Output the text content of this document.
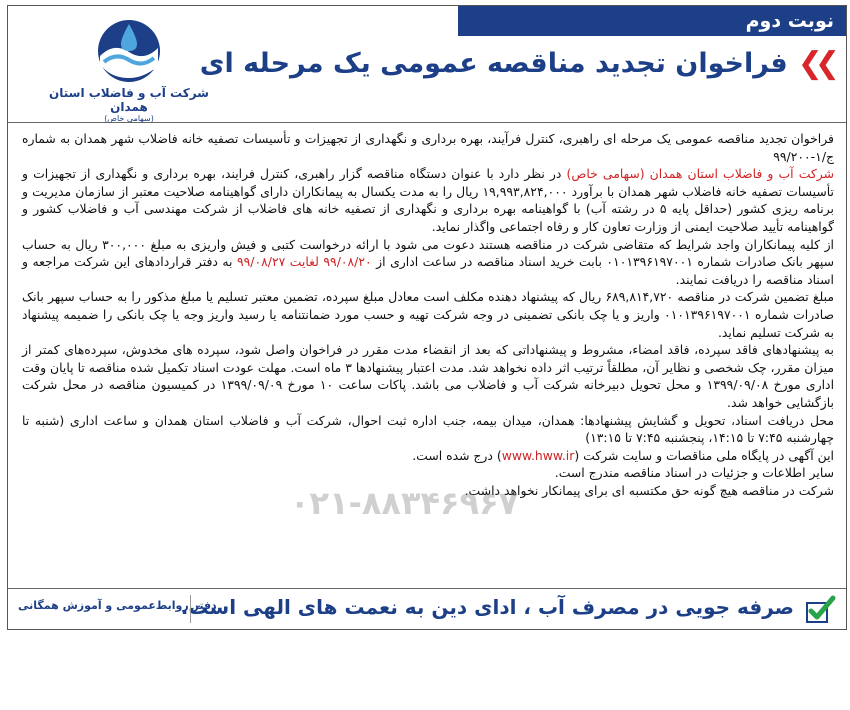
نوبت دوم
❯❯
فراخوان تجدید مناقصه عمومی یک مرحله ای
شرکت آب و فاضلاب استان همدان
(سهامی خاص)

فراخوان تجدید مناقصه عمومی یک مرحله ای راهبری، کنترل فرآیند، بهره برداری و نگهداری از تجهیزات و تأسیسات تصفیه خانه فاضلاب شهر همدان به شماره ج/۱-۹۹/۲۰۰

شرکت آب و فاضلاب استان همدان (سهامی خاص) در نظر دارد با عنوان دستگاه مناقصه گزار راهبری، کنترل فرایند، بهره برداری و نگهداری از تجهیزات و تأسیسات تصفیه خانه فاضلاب شهر همدان با برآورد ۱۹,۹۹۳,۸۲۴,۰۰۰ ریال را به مدت یکسال به پیمانکاران دارای گواهینامه صلاحیت معتبر از سازمان مدیریت و برنامه ریزی کشور (حداقل پایه ۵ در رشته آب) با گواهینامه بهره برداری و نگهداری از تصفیه خانه های فاضلاب از شرکت مهندسی آب و فاضلاب کشور و گواهینامه تأیید صلاحیت ایمنی از وزارت تعاون کار و رفاه اجتماعی واگذار نماید.

از کلیه پیمانکاران واجد شرایط که متقاضی شرکت در مناقصه هستند دعوت می شود با ارائه درخواست کتبی و فیش واریزی به مبلغ ۳۰۰,۰۰۰ ریال به حساب سپهر بانک صادرات شماره ۰۱۰۱۳۹۶۱۹۷۰۰۱ بابت خرید اسناد مناقصه در ساعت اداری از ۹۹/۰۸/۲۰ لغایت ۹۹/۰۸/۲۷ به دفتر قراردادهای این شرکت مراجعه و اسناد مناقصه را دریافت نمایند.

مبلغ تضمین شرکت در مناقصه ۶۸۹,۸۱۴,۷۲۰ ریال که پیشنهاد دهنده مکلف است معادل مبلغ سپرده، تضمین معتبر تسلیم یا مبلغ مذکور را به حساب سپهر بانک صادرات شماره ۰۱۰۱۳۹۶۱۹۷۰۰۱ واریز و یا چک بانکی تضمینی در وجه شرکت تهیه و حسب مورد ضمانتنامه یا رسید واریز وجه یا چک بانکی را ضمیمه پیشنهاد به شرکت تسلیم نماید.

به پیشنهادهای فاقد سپرده، فاقد امضاء، مشروط و پیشنهاداتی که بعد از انقضاء مدت مقرر در فراخوان واصل شود، سپرده های مخدوش، سپرده‌های کمتر از میزان مقرر، چک شخصی و نظایر آن، مطلقاً ترتیب اثر داده نخواهد شد. مدت اعتبار پیشنهادها ۳ ماه است. مهلت عودت اسناد تکمیل شده مناقصه تا پایان وقت اداری مورخ ۱۳۹۹/۰۹/۰۸ و محل تحویل دبیرخانه شرکت آب و فاضلاب می باشد. پاکات ساعت ۱۰ مورخ ۱۳۹۹/۰۹/۰۹ در کمیسیون مناقصه در محل شرکت بازگشایی خواهد شد.

محل دریافت اسناد، تحویل و گشایش پیشنهادها: همدان، میدان بیمه، جنب اداره ثبت احوال، شرکت آب و فاضلاب استان همدان و ساعت اداری (شنبه تا چهارشنبه ۷:۴۵ تا ۱۴:۱۵، پنجشنبه ۷:۴۵ تا ۱۳:۱۵)

این آگهی در پایگاه ملی مناقصات و سایت شرکت (www.hww.ir) درج شده است.

سایر اطلاعات و جزئیات در اسناد مناقصه مندرج است.

شرکت در مناقصه هیچ گونه حق مکتسبه ای برای پیمانکار نخواهد داشت.

۰۲۱-۸۸۳۴۶۹۶۷
صرفه جویی در مصرف آب ، ادای دین به نعمت های الهی است.
دفتر روابط‌عمومی و آموزش همگانی
